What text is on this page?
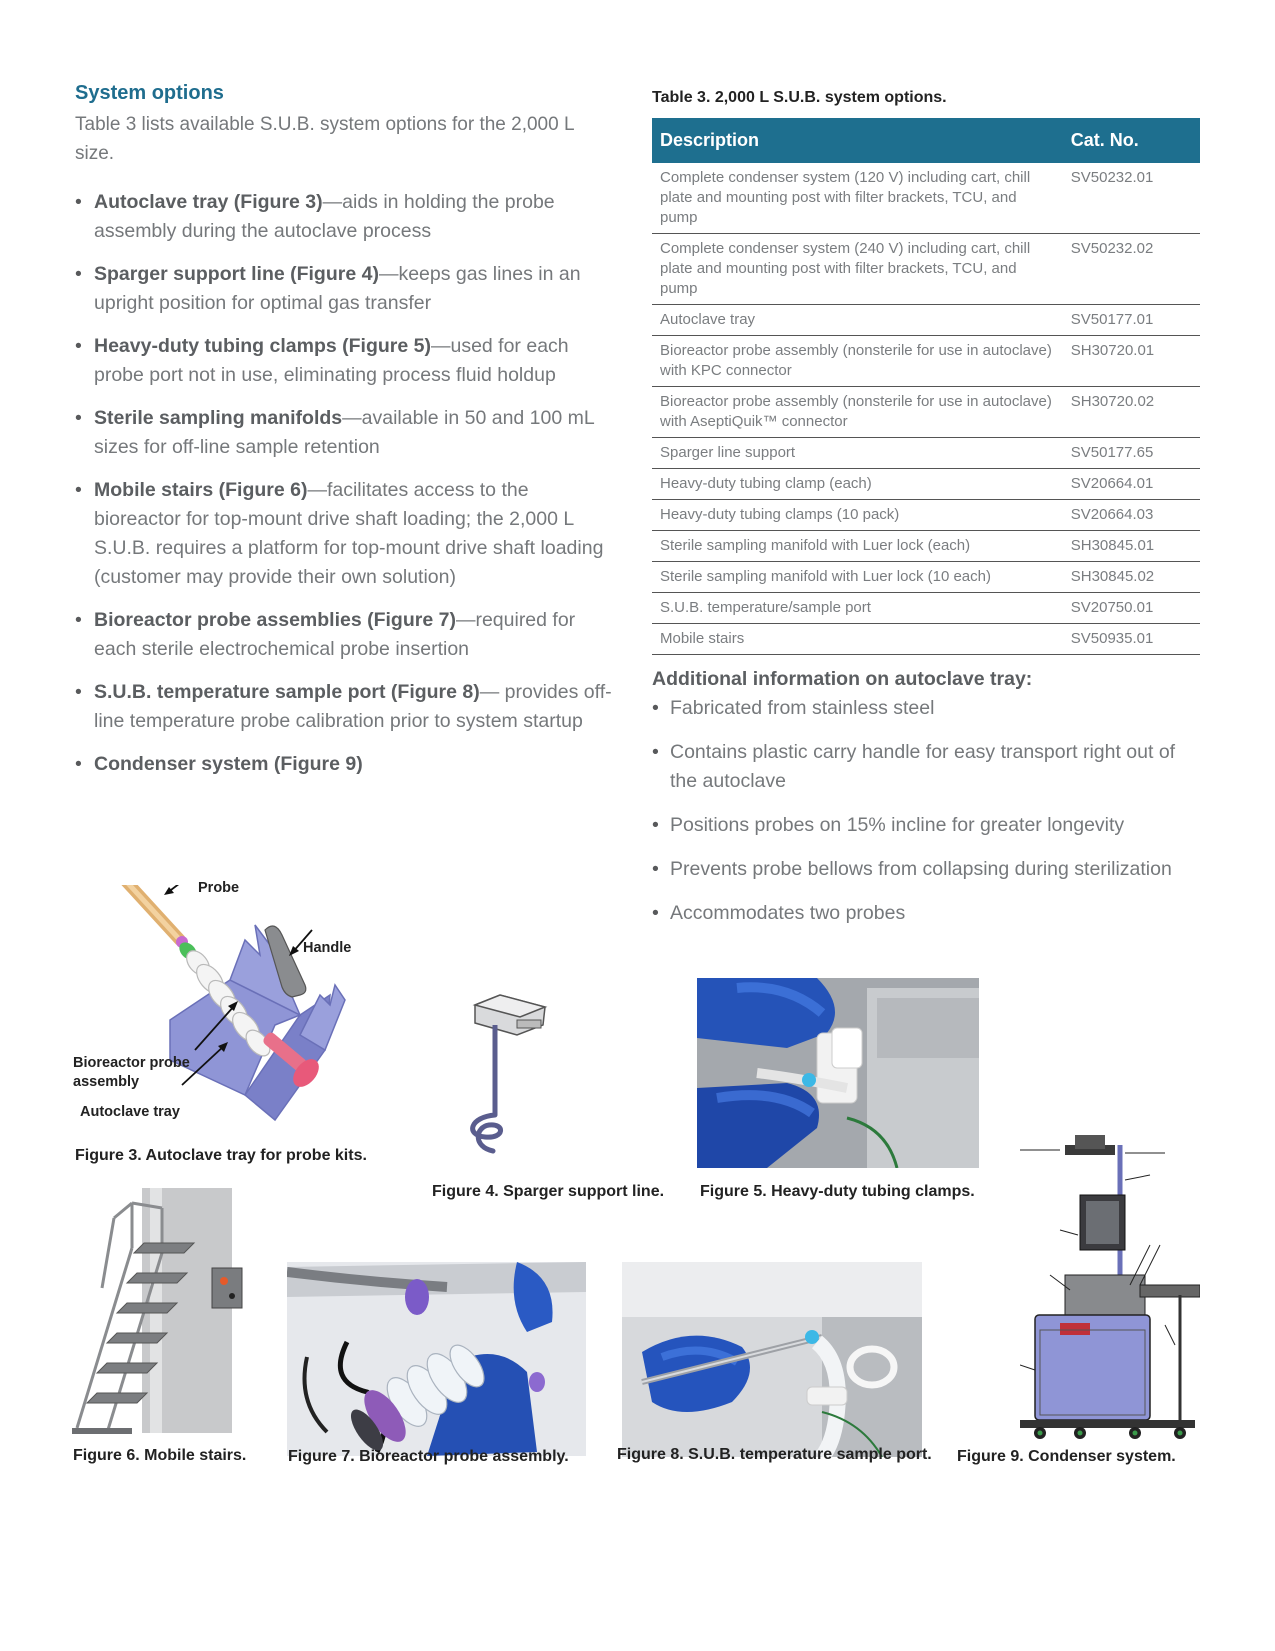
System options
Table 3 lists available S.U.B. system options for the 2,000 L size.
• Autoclave tray (Figure 3)—aids in holding the probe assembly during the autoclave process
• Sparger support line (Figure 4)—keeps gas lines in an upright position for optimal gas transfer
• Heavy-duty tubing clamps (Figure 5)—used for each probe port not in use, eliminating process fluid holdup
• Sterile sampling manifolds—available in 50 and 100 mL sizes for off-line sample retention
• Mobile stairs (Figure 6)—facilitates access to the bioreactor for top-mount drive shaft loading; the 2,000 L S.U.B. requires a platform for top-mount drive shaft loading (customer may provide their own solution)
• Bioreactor probe assemblies (Figure 7)—required for each sterile electrochemical probe insertion
• S.U.B. temperature sample port (Figure 8)— provides off-line temperature probe calibration prior to system startup
• Condenser system (Figure 9)
Table 3. 2,000 L S.U.B. system options.
Description	Cat. No.
Complete condenser system (120 V) including cart, chill plate and mounting post with filter brackets, TCU, and pump	SV50232.01
Complete condenser system (240 V) including cart, chill plate and mounting post with filter brackets, TCU, and pump	SV50232.02
Autoclave tray	SV50177.01
Bioreactor probe assembly (nonsterile for use in autoclave) with KPC connector	SH30720.01
Bioreactor probe assembly (nonsterile for use in autoclave) with AseptiQuik™ connector	SH30720.02
Sparger line support	SV50177.65
Heavy-duty tubing clamp (each)	SV20664.01
Heavy-duty tubing clamps (10 pack)	SV20664.03
Sterile sampling manifold with Luer lock (each)	SH30845.01
Sterile sampling manifold with Luer lock (10 each)	SH30845.02
S.U.B. temperature/sample port	SV20750.01
Mobile stairs	SV50935.01
Additional information on autoclave tray:
• Fabricated from stainless steel
• Contains plastic carry handle for easy transport right out of the autoclave
• Positions probes on 15% incline for greater longevity
• Prevents probe bellows from collapsing during sterilization
• Accommodates two probes
Probe
Handle
Bioreactor probe assembly
Autoclave tray
Figure 3. Autoclave tray for probe kits.
Figure 4. Sparger support line. Figure 5. Heavy-duty tubing clamps.
Figure 6. Mobile stairs.	Figure 7. Bioreactor probe assembly.	Figure 8. S.U.B. temperature sample port. Figure 9. Condenser system.
